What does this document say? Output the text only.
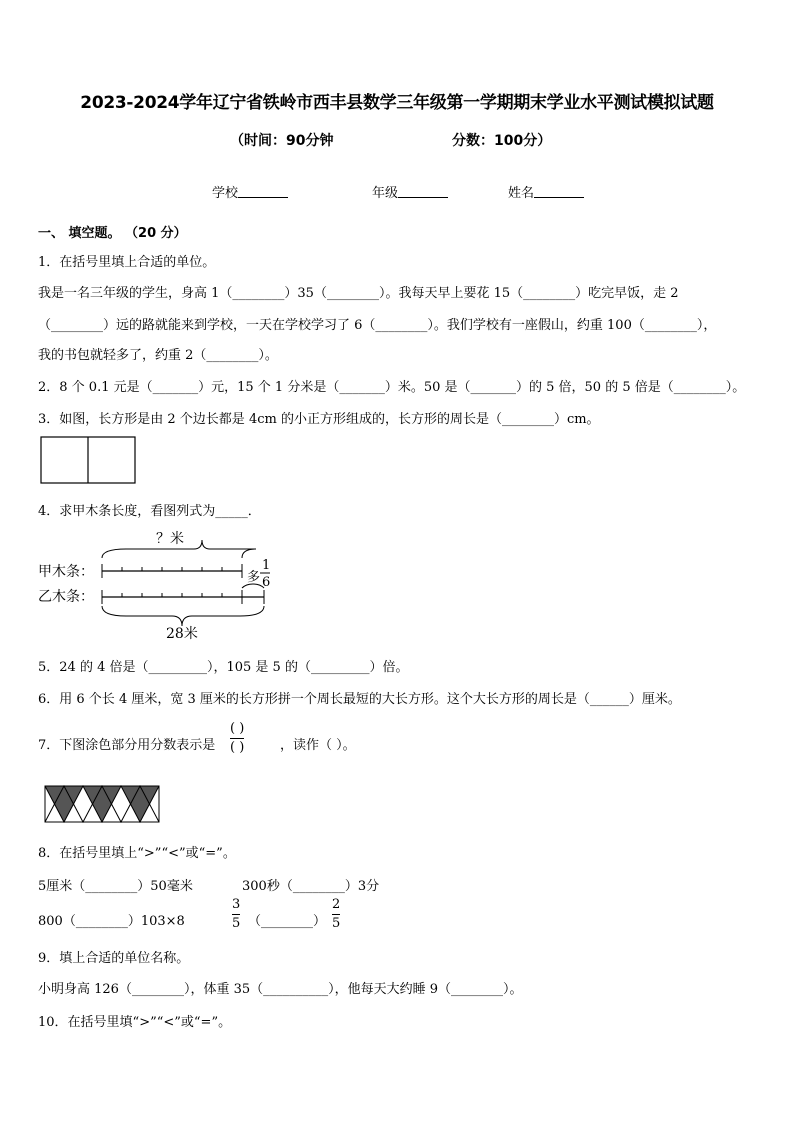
2023-2024学年辽宁省铁岭市西丰县数学三年级第一学期期末学业水平测试模拟试题
（时间：90分钟	分数：100分）
学校	年级	姓名
一、 填空题。 （20 分）
1．在括号里填上合适的单位。
我是一名三年级的学生，身高 1（________）35（________）。我每天早上要花 15（________）吃完早饭，走 2
（________）远的路就能来到学校，一天在学校学习了 6（________）。我们学校有一座假山，约重 100（________），
我的书包就轻多了，约重 2（________）。
2．8 个 0.1 元是（_______）元，15 个 1 分米是（_______）米。50 是（_______）的 5 倍，50 的 5 倍是（________）。
3．如图，长方形是由 2 个边长都是 4cm 的小正方形组成的，长方形的周长是（________）cm。
4．求甲木条长度，看图列式为_____．
？米
甲木条：
乙木条：
多
1
6
28米
5．24 的 4 倍是（_________），105 是 5 的（_________）倍。
6．用 6 个长 4 厘米，宽 3 厘米的长方形拼一个周长最短的大长方形。这个大长方形的周长是（______）厘米。
7．下图涂色部分用分数表示是
( )
( )	，读作（ ）。
8．在括号里填上“>”“<”或“=”。
5厘米（________）50毫米	300秒（________）3分
800（________）103×8
3
5 （________）
2
5
9．填上合适的单位名称。
小明身高 126（________），体重 35（__________），他每天大约睡 9（________）。
10．在括号里填“>”“<”或“=”。
